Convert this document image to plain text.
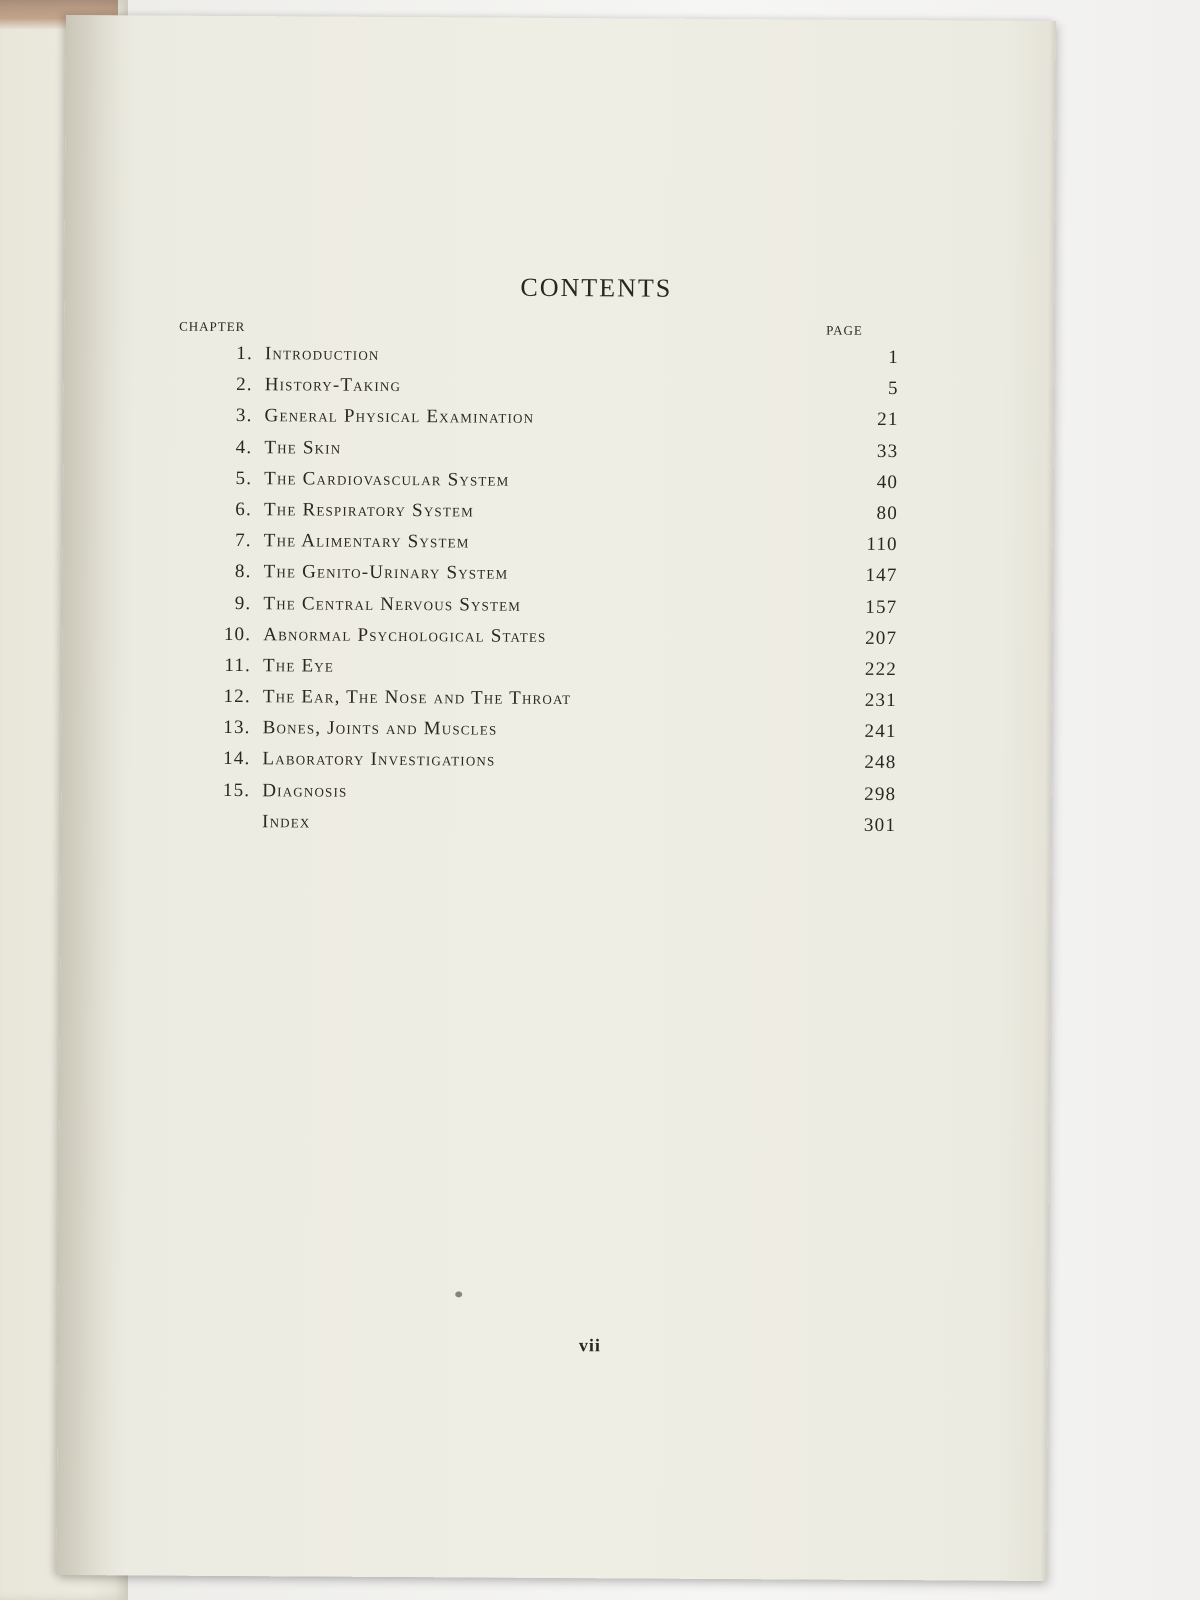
CONTENTS
CHAPTER	PAGE
1. Introduction	1
2. History-Taking	5
3. General Physical Examination	21
4. The Skin	33
5. The Cardiovascular System	40
6. The Respiratory System	80
7. The Alimentary System	110
8. The Genito-Urinary System	147
9. The Central Nervous System	157
10. Abnormal Psychological States	207
11. The Eye	222
12. The Ear, The Nose and The Throat	231
13. Bones, Joints and Muscles	241
14. Laboratory Investigations	248
15. Diagnosis	298
Index	301
vii
